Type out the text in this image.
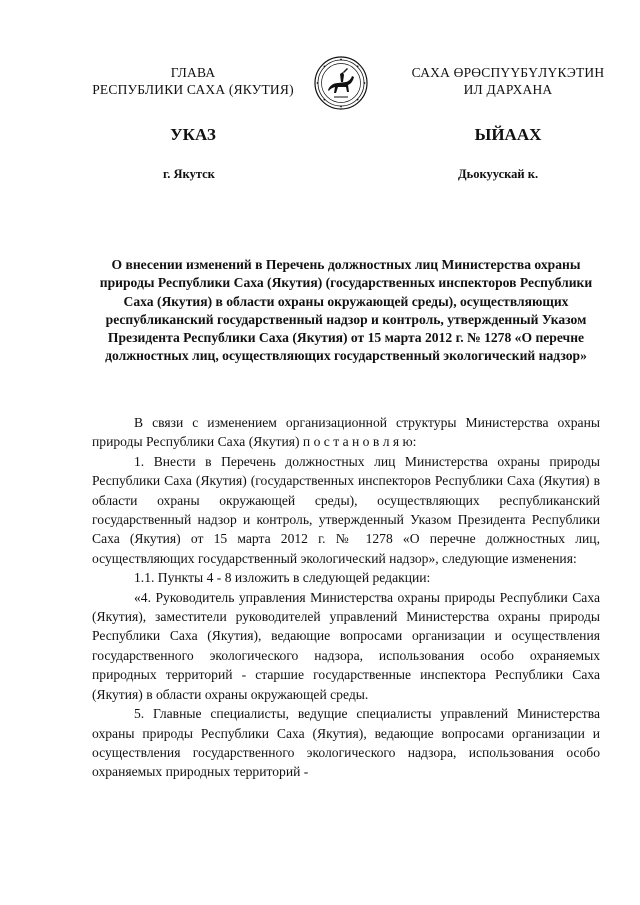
ГЛАВА
РЕСПУБЛИКИ САХА (ЯКУТИЯ)
САХА ӨРӨСПҮҮБҮЛҮКЭТИН
ИЛ ДАРХАНА
УКАЗ	ЫЙААХ
г. Якутск	Дьокуускай к.
О внесении изменений в Перечень должностных лиц Министерства охраны природы Республики Саха (Якутия) (государственных инспекторов Республики Саха (Якутия) в области охраны окружающей среды), осуществляющих республиканский государственный надзор и контроль, утвержденный Указом Президента Республики Саха (Якутия) от 15 марта 2012 г. № 1278 «О перечне должностных лиц, осуществляющих государственный экологический надзор»

В связи с изменением организационной структуры Министерства охраны природы Республики Саха (Якутия) п о с т а н о в л я ю:

1. Внести в Перечень должностных лиц Министерства охраны природы Республики Саха (Якутия) (государственных инспекторов Республики Саха (Якутия) в области охраны окружающей среды), осуществляющих республиканский государственный надзор и контроль, утвержденный Указом Президента Республики Саха (Якутия) от 15 марта 2012 г. № 1278 «О перечне должностных лиц, осуществляющих государственный экологический надзор», следующие изменения:

1.1. Пункты 4 - 8 изложить в следующей редакции:

«4. Руководитель управления Министерства охраны природы Республики Саха (Якутия), заместители руководителей управлений Министерства охраны природы Республики Саха (Якутия), ведающие вопросами организации и осуществления государственного экологического надзора, использования особо охраняемых природных территорий - старшие государственные инспектора Республики Саха (Якутия) в области охраны окружающей среды.

5. Главные специалисты, ведущие специалисты управлений Министерства охраны природы Республики Саха (Якутия), ведающие вопросами организации и осуществления государственного экологического надзора, использования особо охраняемых природных территорий -
